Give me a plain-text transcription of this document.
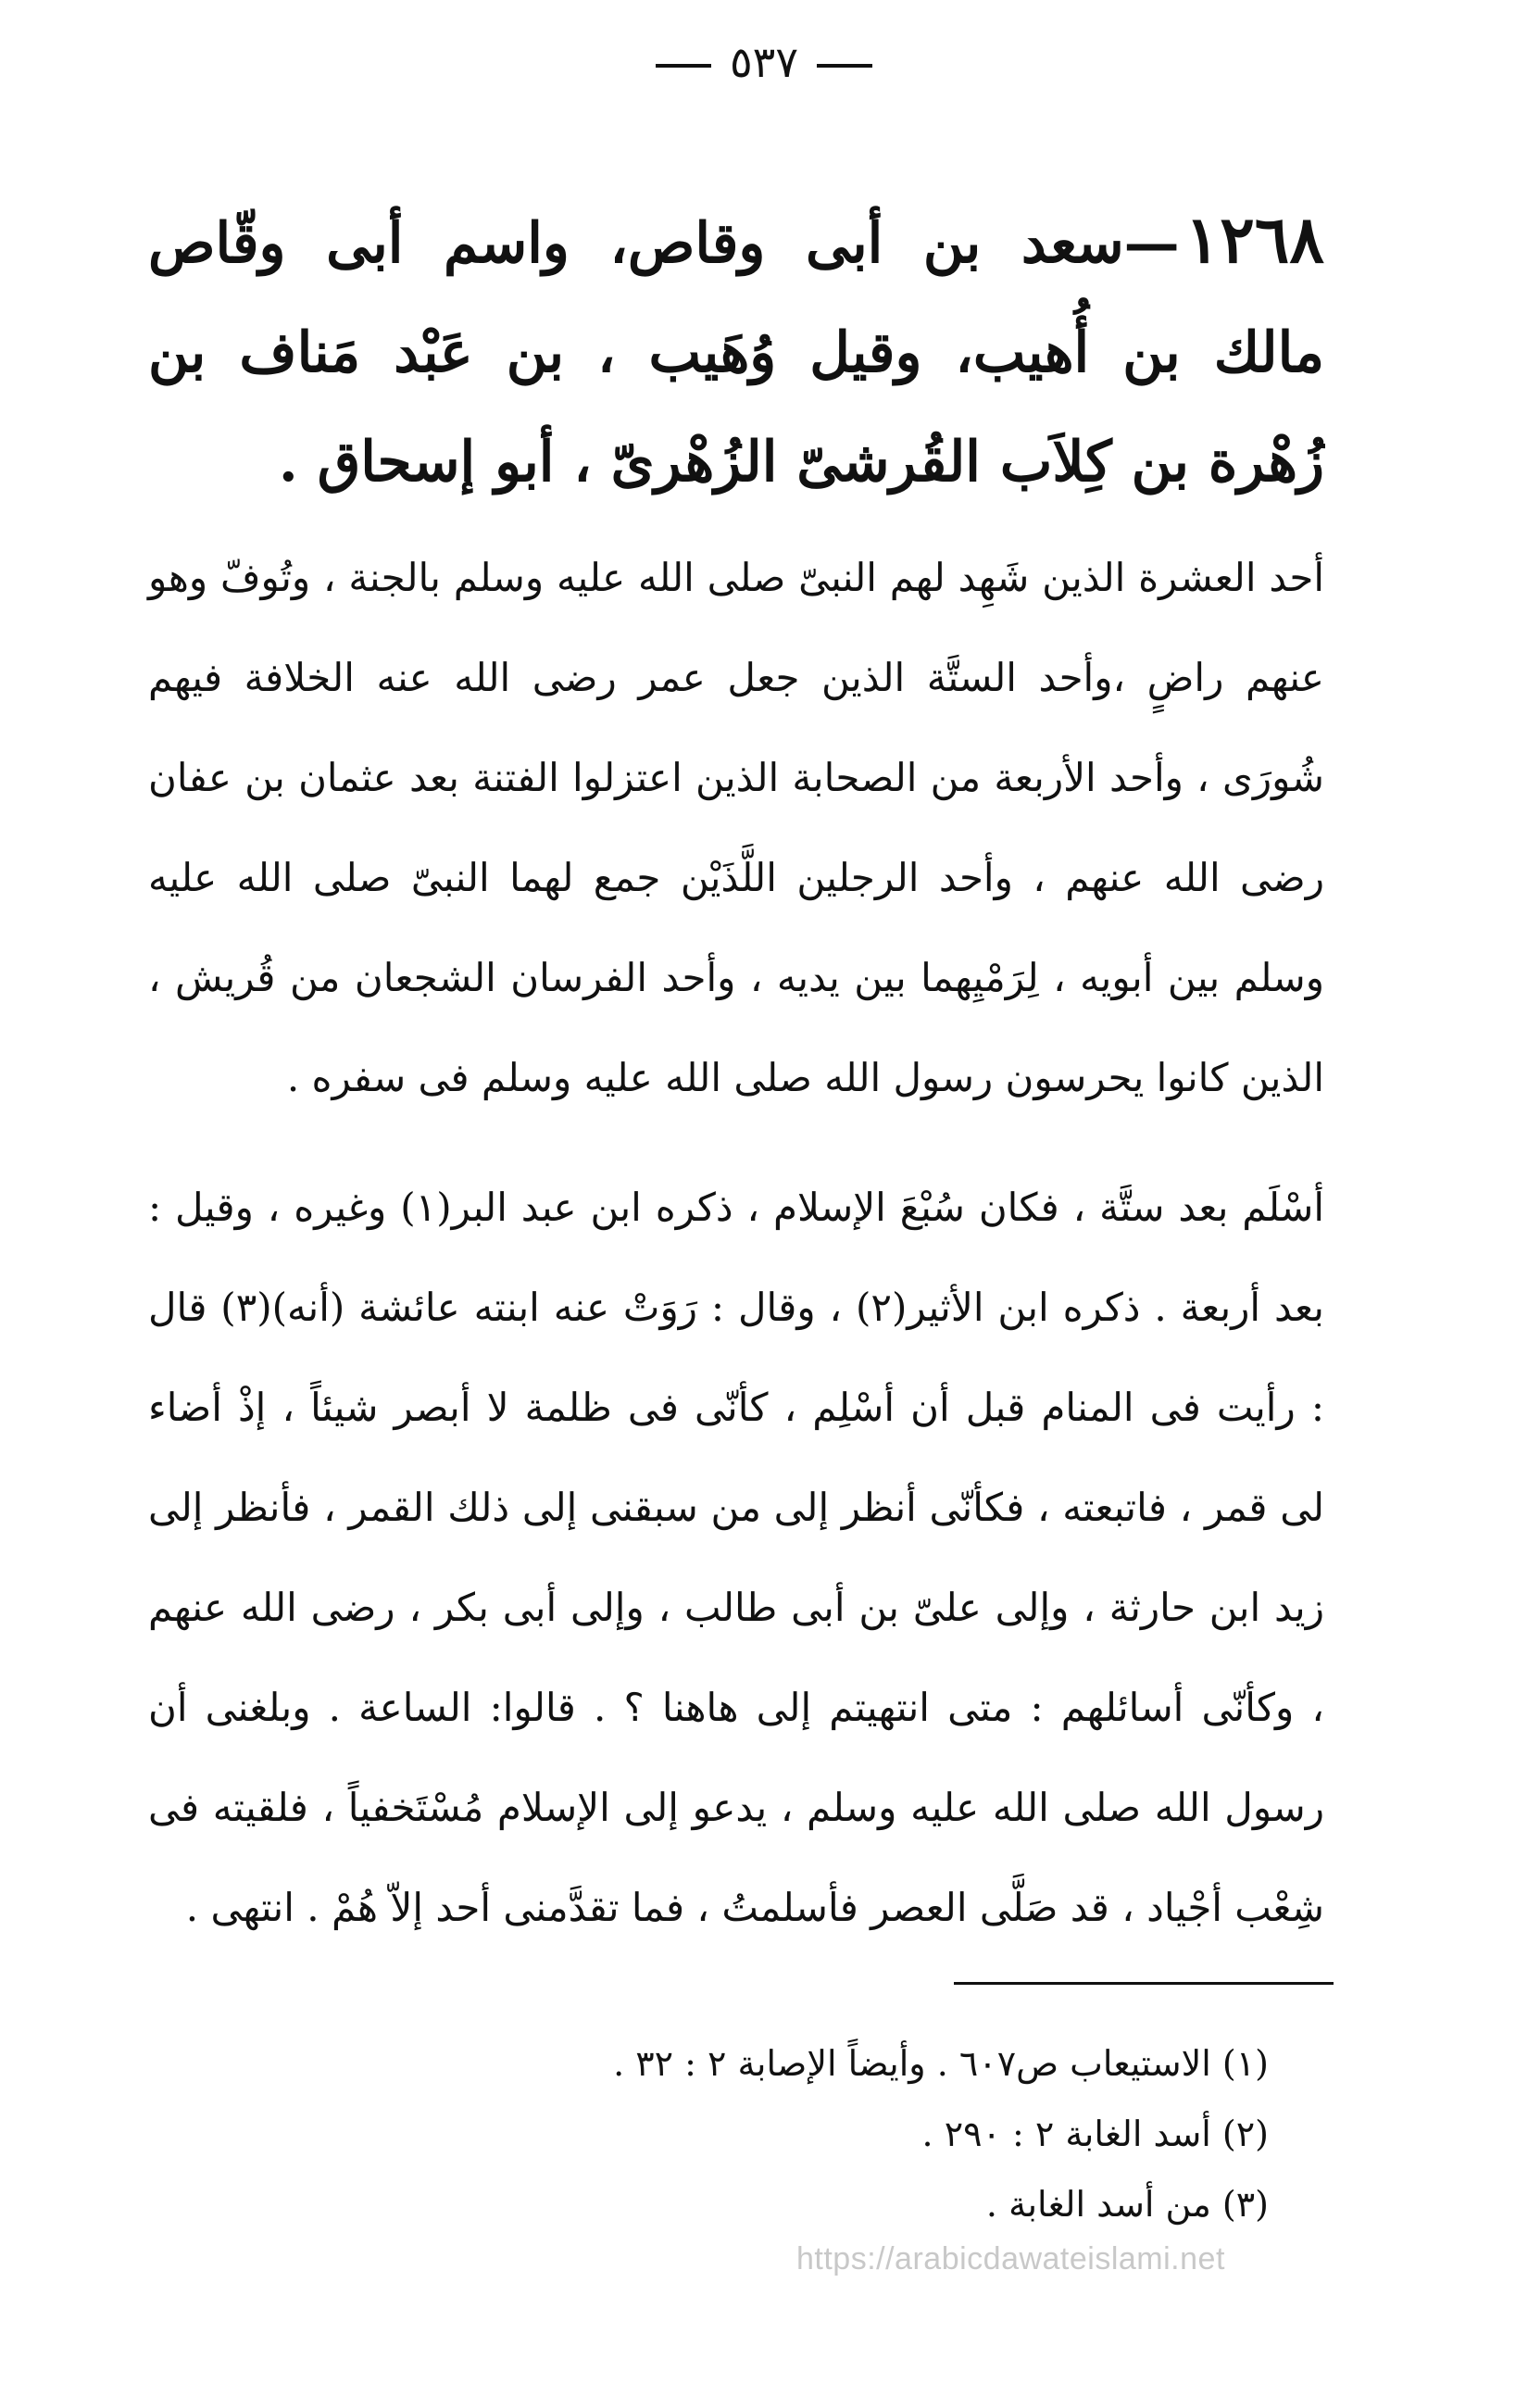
٥٣٧
١٢٦٨—سعد بن أبى وقاص، واسم أبى وقّاص مالك بن أُهيب، وقيل وُهَيب ، بن عَبْد مَناف بن زُهْرة بن كِلاَب القُرشىّ الزُهْرىّ ، أبو إسحاق .
أحد العشرة الذين شَهِد لهم النبىّ صلى الله عليه وسلم بالجنة ، وتُوفّ وهو عنهم راضٍ ،وأحد الستَّة الذين جعل عمر رضى الله عنه الخلافة فيهم شُورَى ، وأحد الأربعة من الصحابة الذين اعتزلوا الفتنة بعد عثمان بن عفان رضى الله عنهم ، وأحد الرجلين اللَّذَيْن جمع لهما النبىّ صلى الله عليه وسلم بين أبويه ، لِرَمْيِهما بين يديه ، وأحد الفرسان الشجعان من قُريش ، الذين كانوا يحرسون رسول الله صلى الله عليه وسلم فى سفره .
أسْلَم بعد ستَّة ، فكان سُبْعَ الإسلام ، ذكره ابن عبد البر(١) وغيره ، وقيل : بعد أربعة . ذكره ابن الأثير(٢) ، وقال : رَوَتْ عنه ابنته عائشة (أنه)(٣) قال : رأيت فى المنام قبل أن أسْلِم ، كأنّى فى ظلمة لا أبصر شيئاً ، إذْ أضاء لى قمر ، فاتبعته ، فكأنّى أنظر إلى من سبقنى إلى ذلك القمر ، فأنظر إلى زيد ابن حارثة ، وإلى علىّ بن أبى طالب ، وإلى أبى بكر ، رضى الله عنهم ، وكأنّى أسائلهم : متى انتهيتم إلى هاهنا ؟ . قالوا: الساعة . وبلغنى أن رسول الله صلى الله عليه وسلم ، يدعو إلى الإسلام مُسْتَخفياً ، فلقيته فى شِعْب أجْياد ، قد صَلَّى العصر فأسلمتُ ، فما تقدَّمنى أحد إلاّ هُمْ . انتهى .
(١) الاستيعاب ص٦٠٧ . وأيضاً الإصابة ٢ : ٣٢ .
(٢) أسد الغابة ٢ : ٢٩٠ .
(٣) من أسد الغابة .
https://arabicdawateislami.net
